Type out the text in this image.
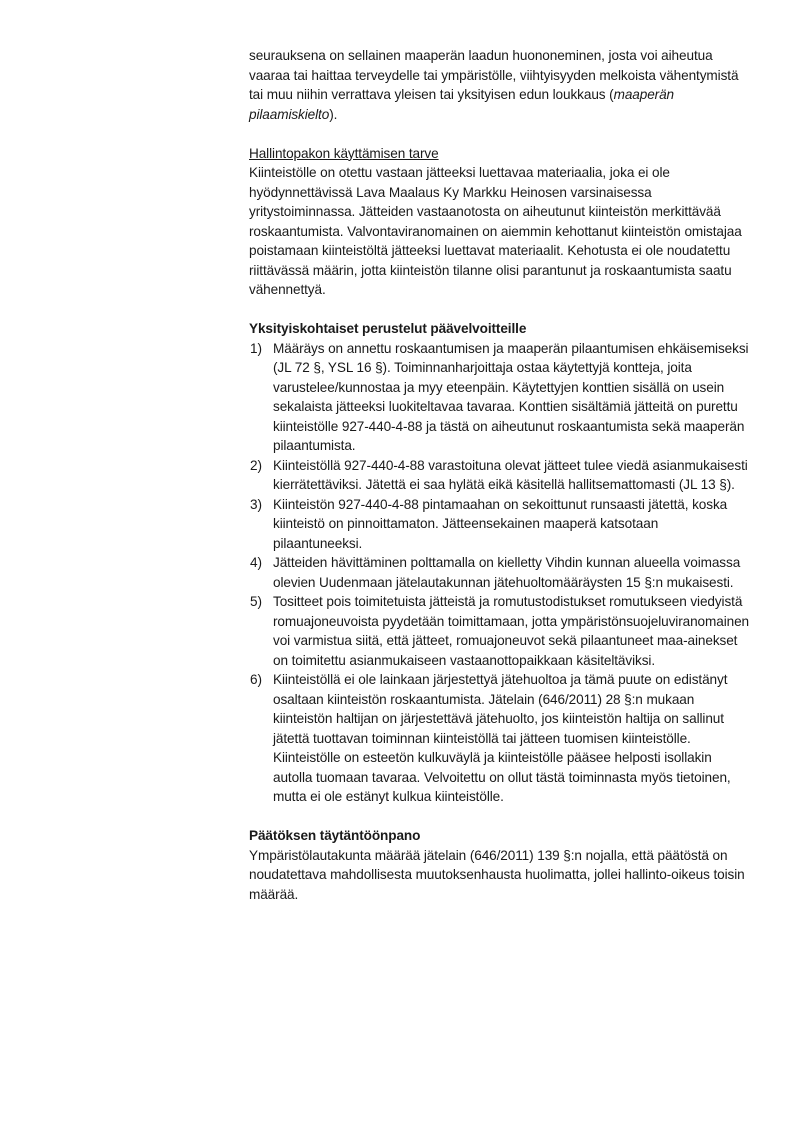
seurauksena on sellainen maaperän laadun huononeminen, josta voi aiheutua vaaraa tai haittaa terveydelle tai ympäristölle, viihtyisyyden melkoista vähentymistä tai muu niihin verrattava yleisen tai yksityisen edun loukkaus (maaperän pilaamiskielto).

Hallintopakon käyttämisen tarve

Kiinteistölle on otettu vastaan jätteeksi luettavaa materiaalia, joka ei ole hyödynnettävissä Lava Maalaus Ky Markku Heinosen varsinaisessa yritystoiminnassa. Jätteiden vastaanotosta on aiheutunut kiinteistön merkittävää roskaantumista. Valvontaviranomainen on aiemmin kehottanut kiinteistön omistajaa poistamaan kiinteistöltä jätteeksi luettavat materiaalit. Kehotusta ei ole noudatettu riittävässä määrin, jotta kiinteistön tilanne olisi parantunut ja roskaantumista saatu vähennettyä.

Yksityiskohtaiset perustelut päävelvoitteille

1) Määräys on annettu roskaantumisen ja maaperän pilaantumisen ehkäisemiseksi (JL 72 §, YSL 16 §). Toiminnanharjoittaja ostaa käytettyjä kontteja, joita varustelee/kunnostaa ja myy eteenpäin. Käytettyjen konttien sisällä on usein sekalaista jätteeksi luokiteltavaa tavaraa. Konttien sisältämiä jätteitä on purettu kiinteistölle 927-440-4-88 ja tästä on aiheutunut roskaantumista sekä maaperän pilaantumista.
2) Kiinteistöllä 927-440-4-88 varastoituna olevat jätteet tulee viedä asianmukaisesti kierrätettäviksi. Jätettä ei saa hylätä eikä käsitellä hallitsemattomasti (JL 13 §).
3) Kiinteistön 927-440-4-88 pintamaahan on sekoittunut runsaasti jätettä, koska kiinteistö on pinnoittamaton. Jätteensekainen maaperä katsotaan pilaantuneeksi.
4) Jätteiden hävittäminen polttamalla on kielletty Vihdin kunnan alueella voimassa olevien Uudenmaan jätelautakunnan jätehuoltomääräysten 15 §:n mukaisesti.
5) Tositteet pois toimitetuista jätteistä ja romutustodistukset romutukseen viedyistä romuajoneuvoista pyydetään toimittamaan, jotta ympäristönsuojeluviranomainen voi varmistua siitä, että jätteet, romuajoneuvot sekä pilaantuneet maa-ainekset on toimitettu asianmukaiseen vastaanottopaikkaan käsiteltäviksi.
6) Kiinteistöllä ei ole lainkaan järjestettyä jätehuoltoa ja tämä puute on edistänyt osaltaan kiinteistön roskaantumista. Jätelain (646/2011) 28 §:n mukaan kiinteistön haltijan on järjestettävä jätehuolto, jos kiinteistön haltija on sallinut jätettä tuottavan toiminnan kiinteistöllä tai jätteen tuomisen kiinteistölle. Kiinteistölle on esteetön kulkuväylä ja kiinteistölle pääsee helposti isollakin autolla tuomaan tavaraa. Velvoitettu on ollut tästä toiminnasta myös tietoinen, mutta ei ole estänyt kulkua kiinteistölle.

Päätöksen täytäntöönpano

Ympäristölautakunta määrää jätelain (646/2011) 139 §:n nojalla, että päätöstä on noudatettava mahdollisesta muutoksenhausta huolimatta, jollei hallinto-oikeus toisin määrää.
